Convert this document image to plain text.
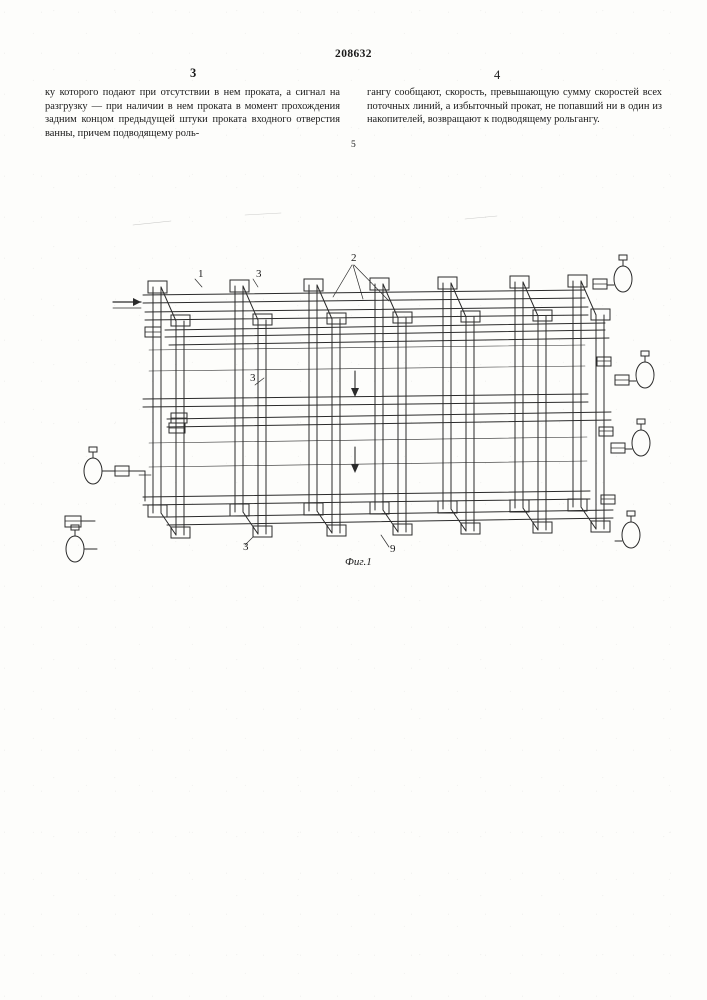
208632
3	4

ку которого подают при отсутствии в нем проката, а сигнал на разгрузку — при наличии в нем проката в момент прохождения задним концом предыдущей штуки проката входного отверстия ванны, причем подводящему роль-

5

гангу сообщают, скорость, превышающую сумму скоростей всех поточных линий, а избыточный прокат, не попавший ни в один из накопителей, возвращают к подводящему рольгангу.

1
2
3
3
3	9
Фиг.1
